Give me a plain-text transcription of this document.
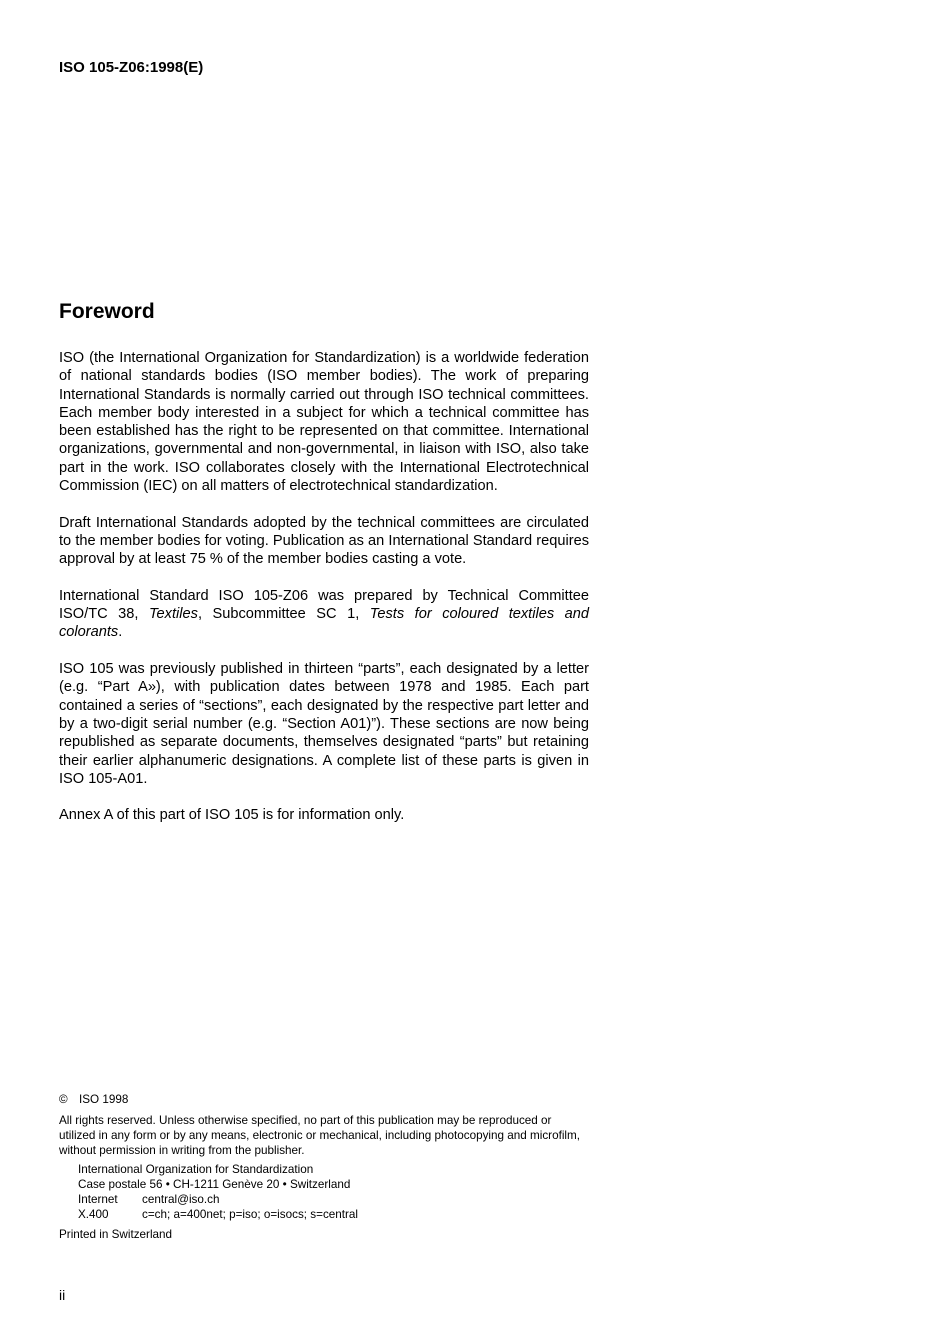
ISO 105-Z06:1998(E)
Foreword

ISO (the International Organization for Standardization) is a worldwide federation of national standards bodies (ISO member bodies). The work of preparing International Standards is normally carried out through ISO technical committees. Each member body interested in a subject for which a technical committee has been established has the right to be represented on that committee. International organizations, governmental and non-governmental, in liaison with ISO, also take part in the work. ISO collaborates closely with the International Electrotechnical Commission (IEC) on all matters of electrotechnical standardization.

Draft International Standards adopted by the technical committees are circulated to the member bodies for voting. Publication as an International Standard requires approval by at least 75 % of the member bodies casting a vote.

International Standard ISO 105-Z06 was prepared by Technical Committee ISO/TC 38, Textiles, Subcommittee SC 1, Tests for coloured textiles and colorants.

ISO 105 was previously published in thirteen “parts”, each designated by a letter (e.g. “Part A»), with publication dates between 1978 and 1985. Each part contained a series of “sections”, each designated by the respective part letter and by a two-digit serial number (e.g. “Section A01)”). These sections are now being republished as separate documents, themselves designated “parts” but retaining their earlier alphanumeric designations. A complete list of these parts is given in ISO 105-A01.

Annex A of this part of ISO 105 is for information only.

© ISO 1998
All rights reserved. Unless otherwise specified, no part of this publication may be reproduced or utilized in any form or by any means, electronic or mechanical, including photocopying and microfilm, without permission in writing from the publisher.
International Organization for Standardization
Case postale 56 • CH-1211 Genève 20 • Switzerland
Internet central@iso.ch
X.400	c=ch; a=400net; p=iso; o=isocs; s=central
Printed in Switzerland
ii
